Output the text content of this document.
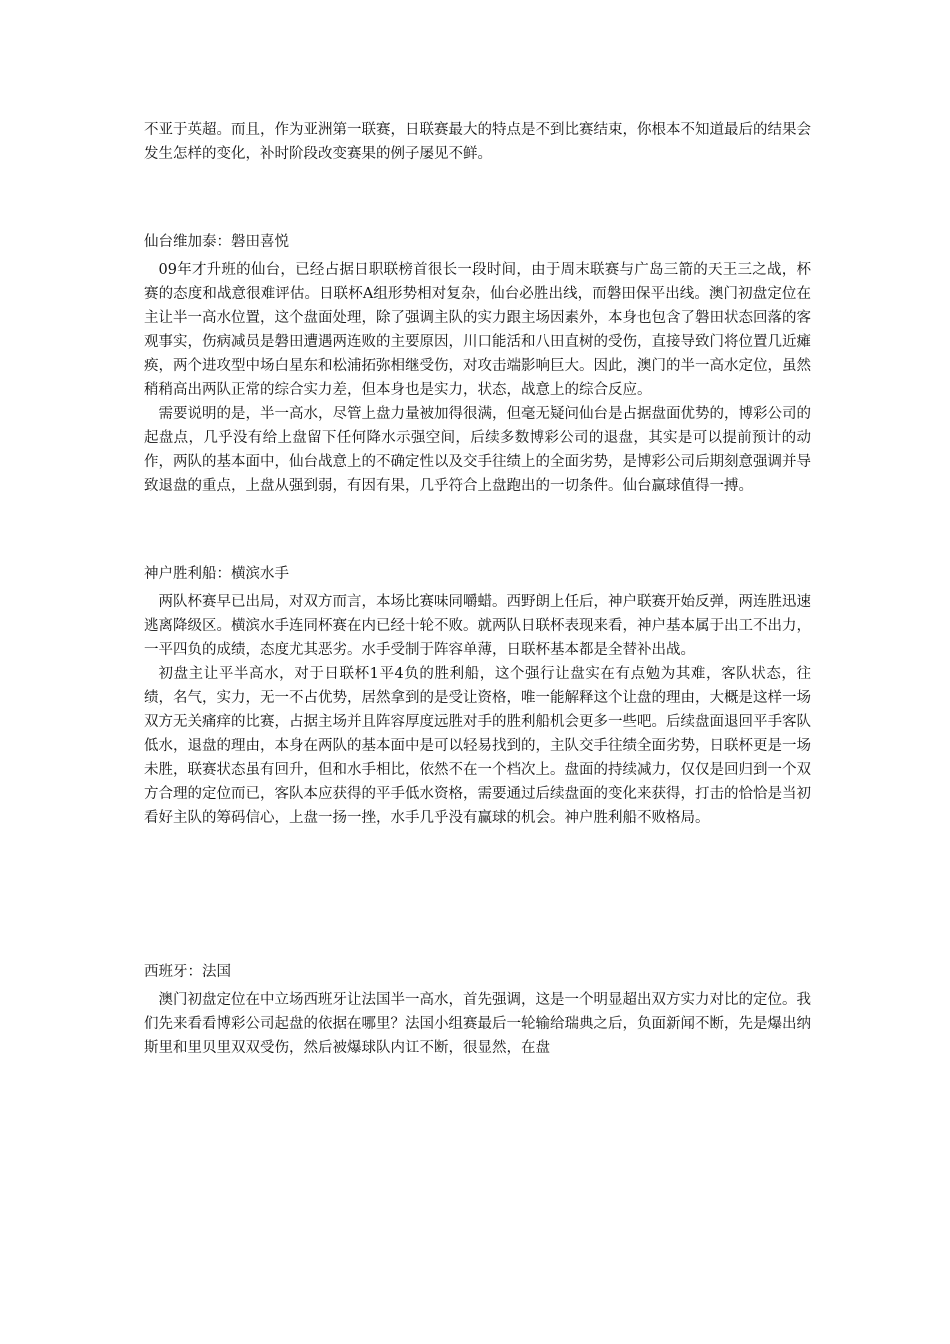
不亚于英超。而且，作为亚洲第一联赛，日联赛最大的特点是不到比赛结束，你根本不知道最后的结果会发生怎样的变化，补时阶段改变赛果的例子屡见不鲜。

仙台维加泰：磐田喜悦

09年才升班的仙台，已经占据日职联榜首很长一段时间，由于周末联赛与广岛三箭的天王三之战，杯赛的态度和战意很难评估。日联杯A组形势相对复杂，仙台必胜出线，而磐田保平出线。澳门初盘定位在主让半一高水位置，这个盘面处理，除了强调主队的实力跟主场因素外，本身也包含了磐田状态回落的客观事实，伤病减员是磐田遭遇两连败的主要原因，川口能活和八田直树的受伤，直接导致门将位置几近瘫痪，两个进攻型中场白星东和松浦拓弥相继受伤，对攻击端影响巨大。因此，澳门的半一高水定位，虽然稍稍高出两队正常的综合实力差，但本身也是实力，状态，战意上的综合反应。

需要说明的是，半一高水，尽管上盘力量被加得很满，但毫无疑问仙台是占据盘面优势的，博彩公司的起盘点，几乎没有给上盘留下任何降水示强空间，后续多数博彩公司的退盘，其实是可以提前预计的动作，两队的基本面中，仙台战意上的不确定性以及交手往绩上的全面劣势，是博彩公司后期刻意强调并导致退盘的重点，上盘从强到弱，有因有果，几乎符合上盘跑出的一切条件。仙台赢球值得一搏。

神户胜利船：横滨水手

两队杯赛早已出局，对双方而言，本场比赛味同嚼蜡。西野朗上任后，神户联赛开始反弹，两连胜迅速逃离降级区。横滨水手连同杯赛在内已经十轮不败。就两队日联杯表现来看，神户基本属于出工不出力，一平四负的成绩，态度尤其恶劣。水手受制于阵容单薄，日联杯基本都是全替补出战。

初盘主让平半高水，对于日联杯1平4负的胜利船，这个强行让盘实在有点勉为其难，客队状态，往绩，名气，实力，无一不占优势，居然拿到的是受让资格，唯一能解释这个让盘的理由，大概是这样一场双方无关痛痒的比赛，占据主场并且阵容厚度远胜对手的胜利船机会更多一些吧。后续盘面退回平手客队低水，退盘的理由，本身在两队的基本面中是可以轻易找到的，主队交手往绩全面劣势，日联杯更是一场未胜，联赛状态虽有回升，但和水手相比，依然不在一个档次上。盘面的持续减力，仅仅是回归到一个双方合理的定位而已，客队本应获得的平手低水资格，需要通过后续盘面的变化来获得，打击的恰恰是当初看好主队的筹码信心，上盘一扬一挫，水手几乎没有赢球的机会。神户胜利船不败格局。

西班牙：法国

澳门初盘定位在中立场西班牙让法国半一高水，首先强调，这是一个明显超出双方实力对比的定位。我们先来看看博彩公司起盘的依据在哪里？法国小组赛最后一轮输给瑞典之后，负面新闻不断，先是爆出纳斯里和里贝里双双受伤，然后被爆球队内讧不断，很显然，在盘
